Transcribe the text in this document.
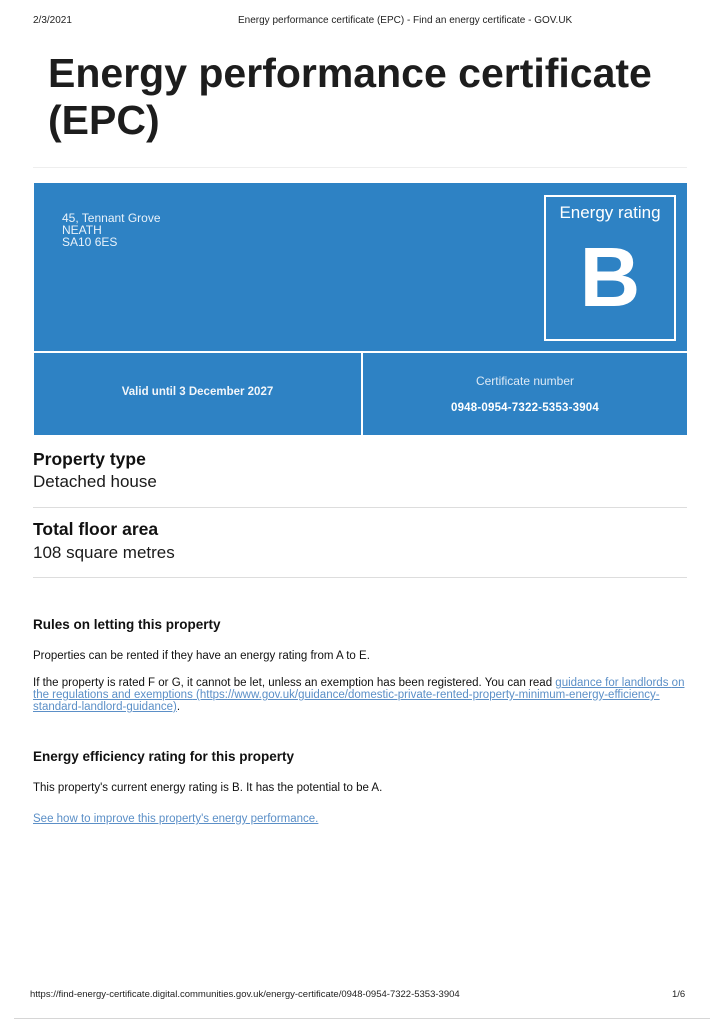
2/3/2021	Energy performance certificate (EPC) - Find an energy certificate - GOV.UK
Energy performance certificate (EPC)
45, Tennant Grove
NEATH
SA10 6ES
Energy rating
B
Valid until 3 December 2027
Certificate number
0948-0954-7322-5353-3904
Property type
Detached house
Total floor area
108 square metres
Rules on letting this property
Properties can be rented if they have an energy rating from A to E.
If the property is rated F or G, it cannot be let, unless an exemption has been registered. You can read guidance for landlords on the regulations and exemptions (https://www.gov.uk/guidance/domestic-private-rented-property-minimum-energy-efficiency-standard-landlord-guidance).
Energy efficiency rating for this property
This property's current energy rating is B. It has the potential to be A.
See how to improve this property's energy performance.
https://find-energy-certificate.digital.communities.gov.uk/energy-certificate/0948-0954-7322-5353-3904	1/6
